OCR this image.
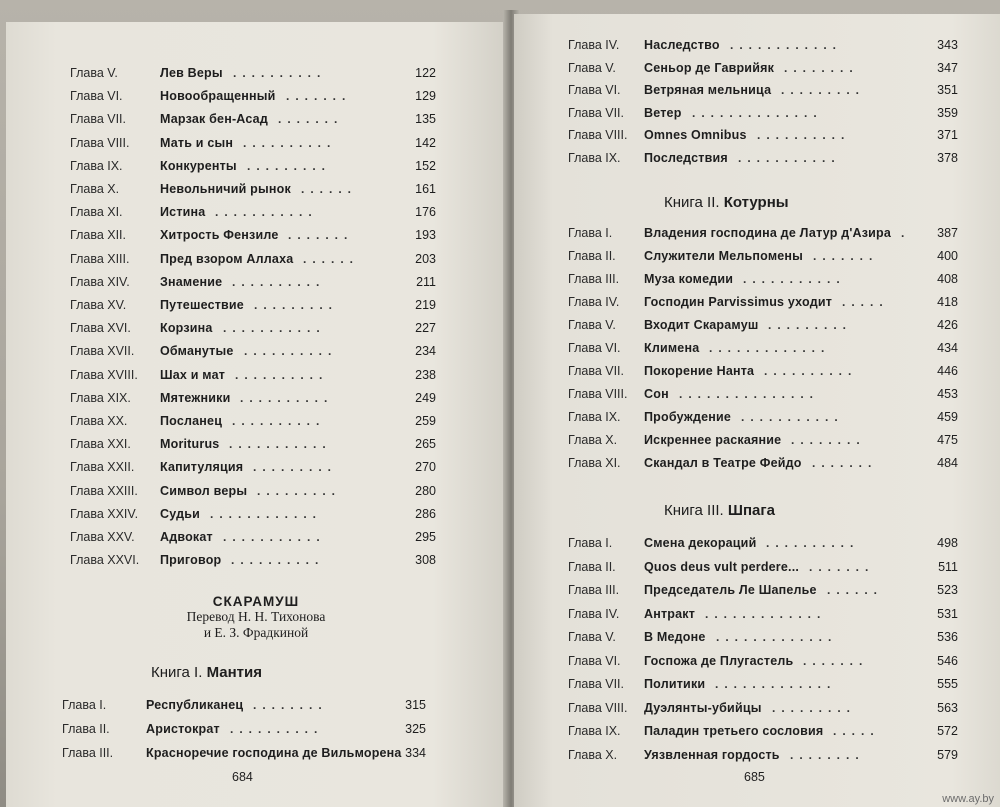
Глава V.	Лев Веры ..........	122
Глава VI.	Новообращенный .......	129
Глава VII.	Марзак бен-Асад .......	135
Глава VIII. Мать и сын ..........	142
Глава IX.	Конкуренты .........	152
Глава X.	Невольничий рынок ......	161
Глава XI.	Истина ...........	176
Глава XII.	Хитрость Фензиле .......	193
Глава XIII. Пред взором Аллаха ......	203
Глава XIV. Знамение ..........	211
Глава XV.	Путешествие .........	219
Глава XVI. Корзина ...........	227
Глава XVII. Обманутые ..........	234
Глава XVIII. Шах и мат ..........	238
Глава XIX. Мятежники ..........	249
Глава XX.	Посланец ..........	259
Глава XXI. Moriturus ...........	265
Глава XXII. Капитуляция .........	270
Глава XXIII. Символ веры .........	280
Глава XXIV. Судьи ............	286
Глава XXV. Адвокат ...........	295
Глава XXVI. Приговор ..........	308
СКАРАМУШ
Перевод Н. Н. Тихонова
и Е. З. Фрадкиной
Книга I. Мантия
Глава I.	Республиканец ........	315
Глава II.	Аристократ ..........	325
Глава III.	Красноречие господина де Вильморена 334
684
Глава IV. Наследство ............	343
Глава V. Сеньор де Гаврийяк ........	347
Глава VI. Ветряная мельница .........	351
Глава VII. Ветер ..............	359
Глава VIII. Omnes Omnibus ..........	371
Глава IX. Последствия ...........	378
Книга II. Котурны
Глава I.	Владения господина де Латур д'Азира . 387
Глава II. Служители Мельпомены .......	400
Глава III. Муза комедии ...........	408
Глава IV. Господин Parvissimus уходит .....	418
Глава V. Входит Скарамуш .........	426
Глава VI. Климена .............	434
Глава VII. Покорение Нанта ..........	446
Глава VIII. Сон ...............	453
Глава IX. Пробуждение ...........	459
Глава X. Искреннее раскаяние ........	475
Глава XI. Скандал в Театре Фейдо .......	484
Книга III. Шпага
Глава I.	Смена декораций ..........	498
Глава II. Quos deus vult perdere... .......	511
Глава III. Председатель Ле Шапелье ......	523
Глава IV. Антракт .............	531
Глава V. В Медоне .............	536
Глава VI. Госпожа де Плугастель .......	546
Глава VII. Политики .............	555
Глава VIII. Дуэлянты-убийцы .........	563
Глава IX. Паладин третьего сословия .....	572
Глава X. Уязвленная гордость ........	579
685
www.ay.by
